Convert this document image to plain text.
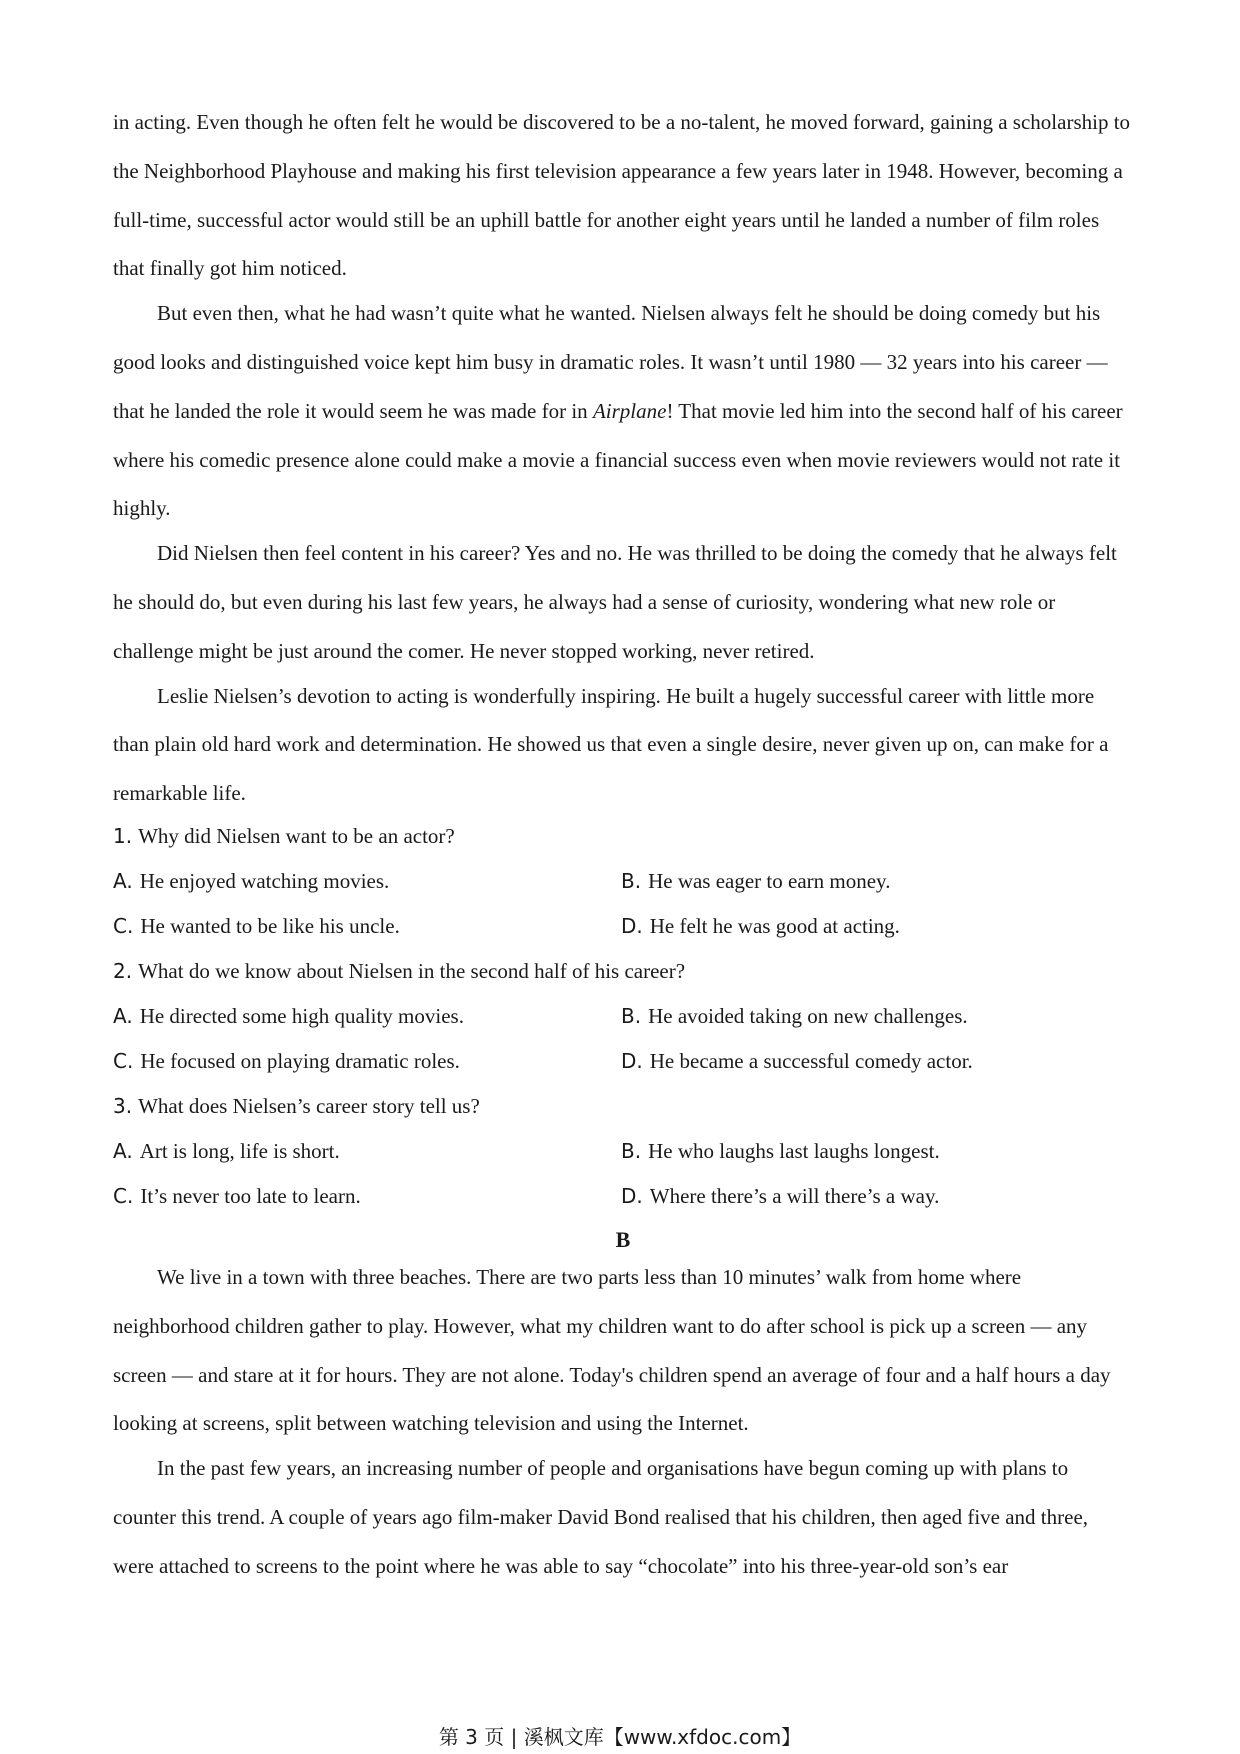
in acting. Even though he often felt he would be discovered to be a no-talent, he moved forward, gaining a scholarship to the Neighborhood Playhouse and making his first television appearance a few years later in 1948. However, becoming a full-time, successful actor would still be an uphill battle for another eight years until he landed a number of film roles that finally got him noticed.

But even then, what he had wasn’t quite what he wanted. Nielsen always felt he should be doing comedy but his good looks and distinguished voice kept him busy in dramatic roles. It wasn’t until 1980 — 32 years into his career — that he landed the role it would seem he was made for in Airplane! That movie led him into the second half of his career where his comedic presence alone could make a movie a financial success even when movie reviewers would not rate it highly.

Did Nielsen then feel content in his career? Yes and no. He was thrilled to be doing the comedy that he always felt he should do, but even during his last few years, he always had a sense of curiosity, wondering what new role or challenge might be just around the comer. He never stopped working, never retired.

Leslie Nielsen’s devotion to acting is wonderfully inspiring. He built a hugely successful career with little more than plain old hard work and determination. He showed us that even a single desire, never given up on, can make for a remarkable life.

1. Why did Nielsen want to be an actor?

A. He enjoyed watching movies.	B. He was eager to earn money.
C. He wanted to be like his uncle.	D. He felt he was good at acting.

2. What do we know about Nielsen in the second half of his career?

A. He directed some high quality movies.	B. He avoided taking on new challenges.
C. He focused on playing dramatic roles.	D. He became a successful comedy actor.

3. What does Nielsen’s career story tell us?

A. Art is long, life is short.	B. He who laughs last laughs longest.
C. It’s never too late to learn.	D. Where there’s a will there’s a way.
B

We live in a town with three beaches. There are two parts less than 10 minutes’ walk from home where neighborhood children gather to play. However, what my children want to do after school is pick up a screen — any screen — and stare at it for hours. They are not alone. Today's children spend an average of four and a half hours a day looking at screens, split between watching television and using the Internet.

In the past few years, an increasing number of people and organisations have begun coming up with plans to counter this trend. A couple of years ago film-maker David Bond realised that his children, then aged five and three, were attached to screens to the point where he was able to say “chocolate” into his three-year-old son’s ear

第 3 页 | 溪枫文库【www.xfdoc.com】
